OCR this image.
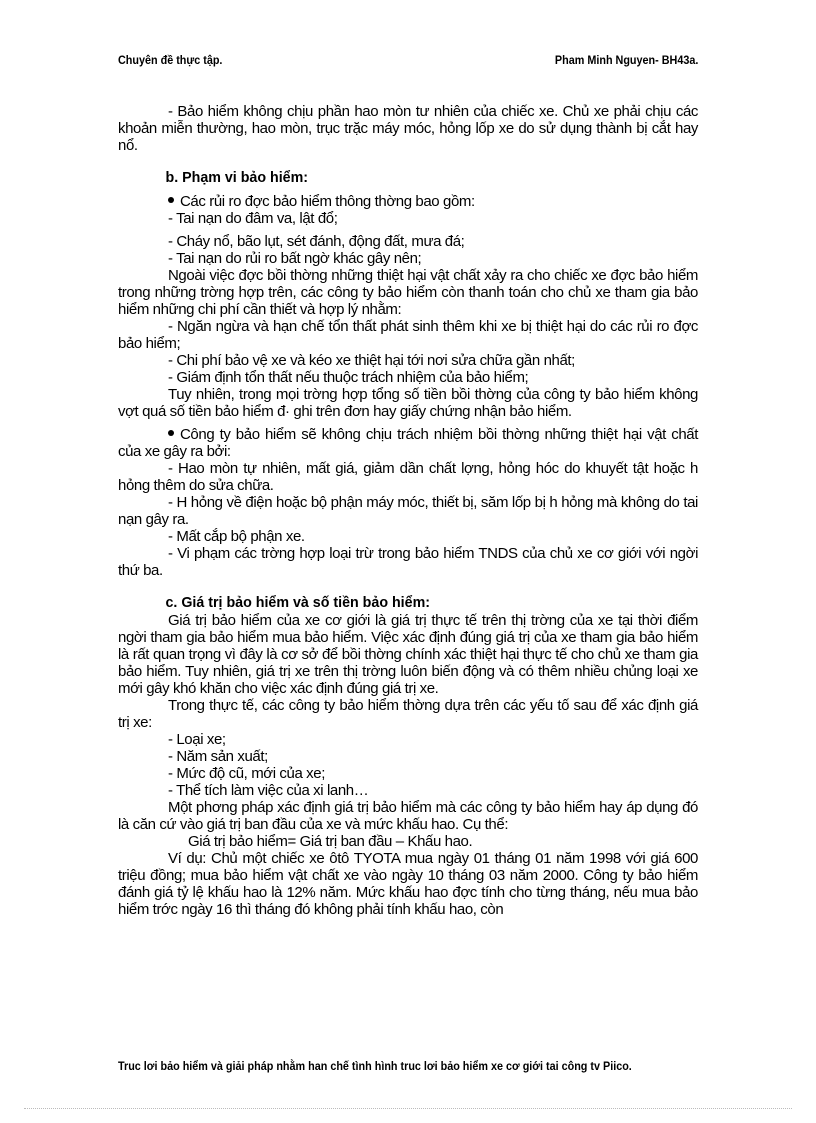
Chuyên đề thực tập.	Pham Minh Nguyen- BH43a.

- Bảo hiểm không chịu phần hao mòn tư nhiên của chiếc xe. Chủ xe phải chịu các khoản miễn thường, hao mòn, trục trặc máy móc, hỏng lốp xe do sử dụng thành bị cắt hay nổ.

b. Phạm vi bảo hiểm:

Các rủi ro đợc bảo hiểm thông thờng bao gồm:

- Tai nạn do đâm va, lật đổ;

- Cháy nổ, bão lụt, sét đánh, động đất, mưa đá;

- Tai nạn do rủi ro bất ngờ khác gây nên;

Ngoài việc đợc bồi thờng những thiệt hại vật chất xảy ra cho chiếc xe đợc bảo hiểm trong những trờng hợp trên, các công ty bảo hiểm còn thanh toán cho chủ xe tham gia bảo hiểm những chi phí cần thiết và hợp lý nhằm:

- Ngăn ngừa và hạn chế tổn thất phát sinh thêm khi xe bị thiệt hại do các rủi ro đợc bảo hiểm;

- Chi phí bảo vệ xe và kéo xe thiệt hại tới nơi sửa chữa gần nhất;

- Giám định tổn thất nếu thuộc trách nhiệm của bảo hiểm;

Tuy nhiên, trong mọi trờng hợp tổng số tiền bồi thờng của công ty bảo hiểm không vợt quá số tiền bảo hiểm đ· ghi trên đơn hay giấy chứng nhận bảo hiểm.

Công ty bảo hiểm sẽ không chịu trách nhiệm bồi thờng những thiệt hại vật chất của xe gây ra bởi:

- Hao mòn tự nhiên, mất giá, giảm dần chất lợng, hỏng hóc do khuyết tật hoặc h hỏng thêm do sửa chữa.

- H hỏng về điện hoặc bộ phận máy móc, thiết bị, săm lốp bị h hỏng mà không do tai nạn gây ra.

- Mất cắp bộ phận xe.

- Vi phạm các trờng hợp loại trừ trong bảo hiểm TNDS của chủ xe cơ giới với ngời thứ ba.

c. Giá trị bảo hiểm và số tiền bảo hiểm:

Giá trị bảo hiểm của xe cơ giới là giá trị thực tế trên thị trờng của xe tại thời điểm ngời tham gia bảo hiểm mua bảo hiểm. Việc xác định đúng giá trị của xe tham gia bảo hiểm là rất quan trọng vì đây là cơ sở để bồi thờng chính xác thiệt hại thực tế cho chủ xe tham gia bảo hiểm. Tuy nhiên, giá trị xe trên thị trờng luôn biến động và có thêm nhiều chủng loại xe mới gây khó khăn cho việc xác định đúng giá trị xe.

Trong thực tế, các công ty bảo hiểm thờng dựa trên các yếu tố sau để xác định giá trị xe:

- Loại xe;

- Năm sản xuất;

- Mức độ cũ, mới của xe;

- Thể tích làm việc của xi lanh…

Một phơng pháp xác định giá trị bảo hiểm mà các công ty bảo hiểm hay áp dụng đó là căn cứ vào giá trị ban đầu của xe và mức khấu hao. Cụ thể:

Giá trị bảo hiểm= Giá trị ban đầu – Khấu hao.

Ví dụ: Chủ một chiếc xe ôtô TYOTA mua ngày 01 tháng 01 năm 1998 với giá 600 triệu đồng; mua bảo hiểm vật chất xe vào ngày 10 tháng 03 năm 2000. Công ty bảo hiểm đánh giá tỷ lệ khấu hao là 12% năm. Mức khấu hao đợc tính cho từng tháng, nếu mua bảo hiểm trớc ngày 16 thì tháng đó không phải tính khấu hao, còn

Truc lơi bảo hiểm và giải pháp nhằm han chế tình hình truc lơi bảo hiểm xe cơ giới tai công tv Piico.
